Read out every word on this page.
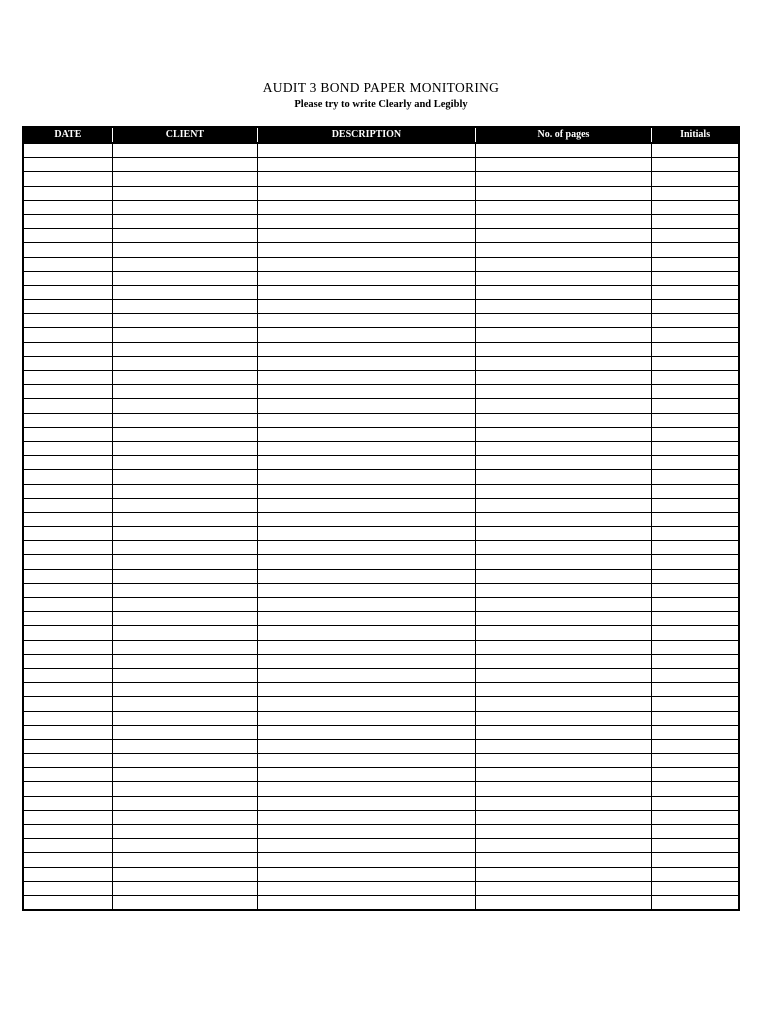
AUDIT 3 BOND PAPER MONITORING
Please try to write Clearly and Legibly
DATE	CLIENT	DESCRIPTION	No. of pages	Initials
